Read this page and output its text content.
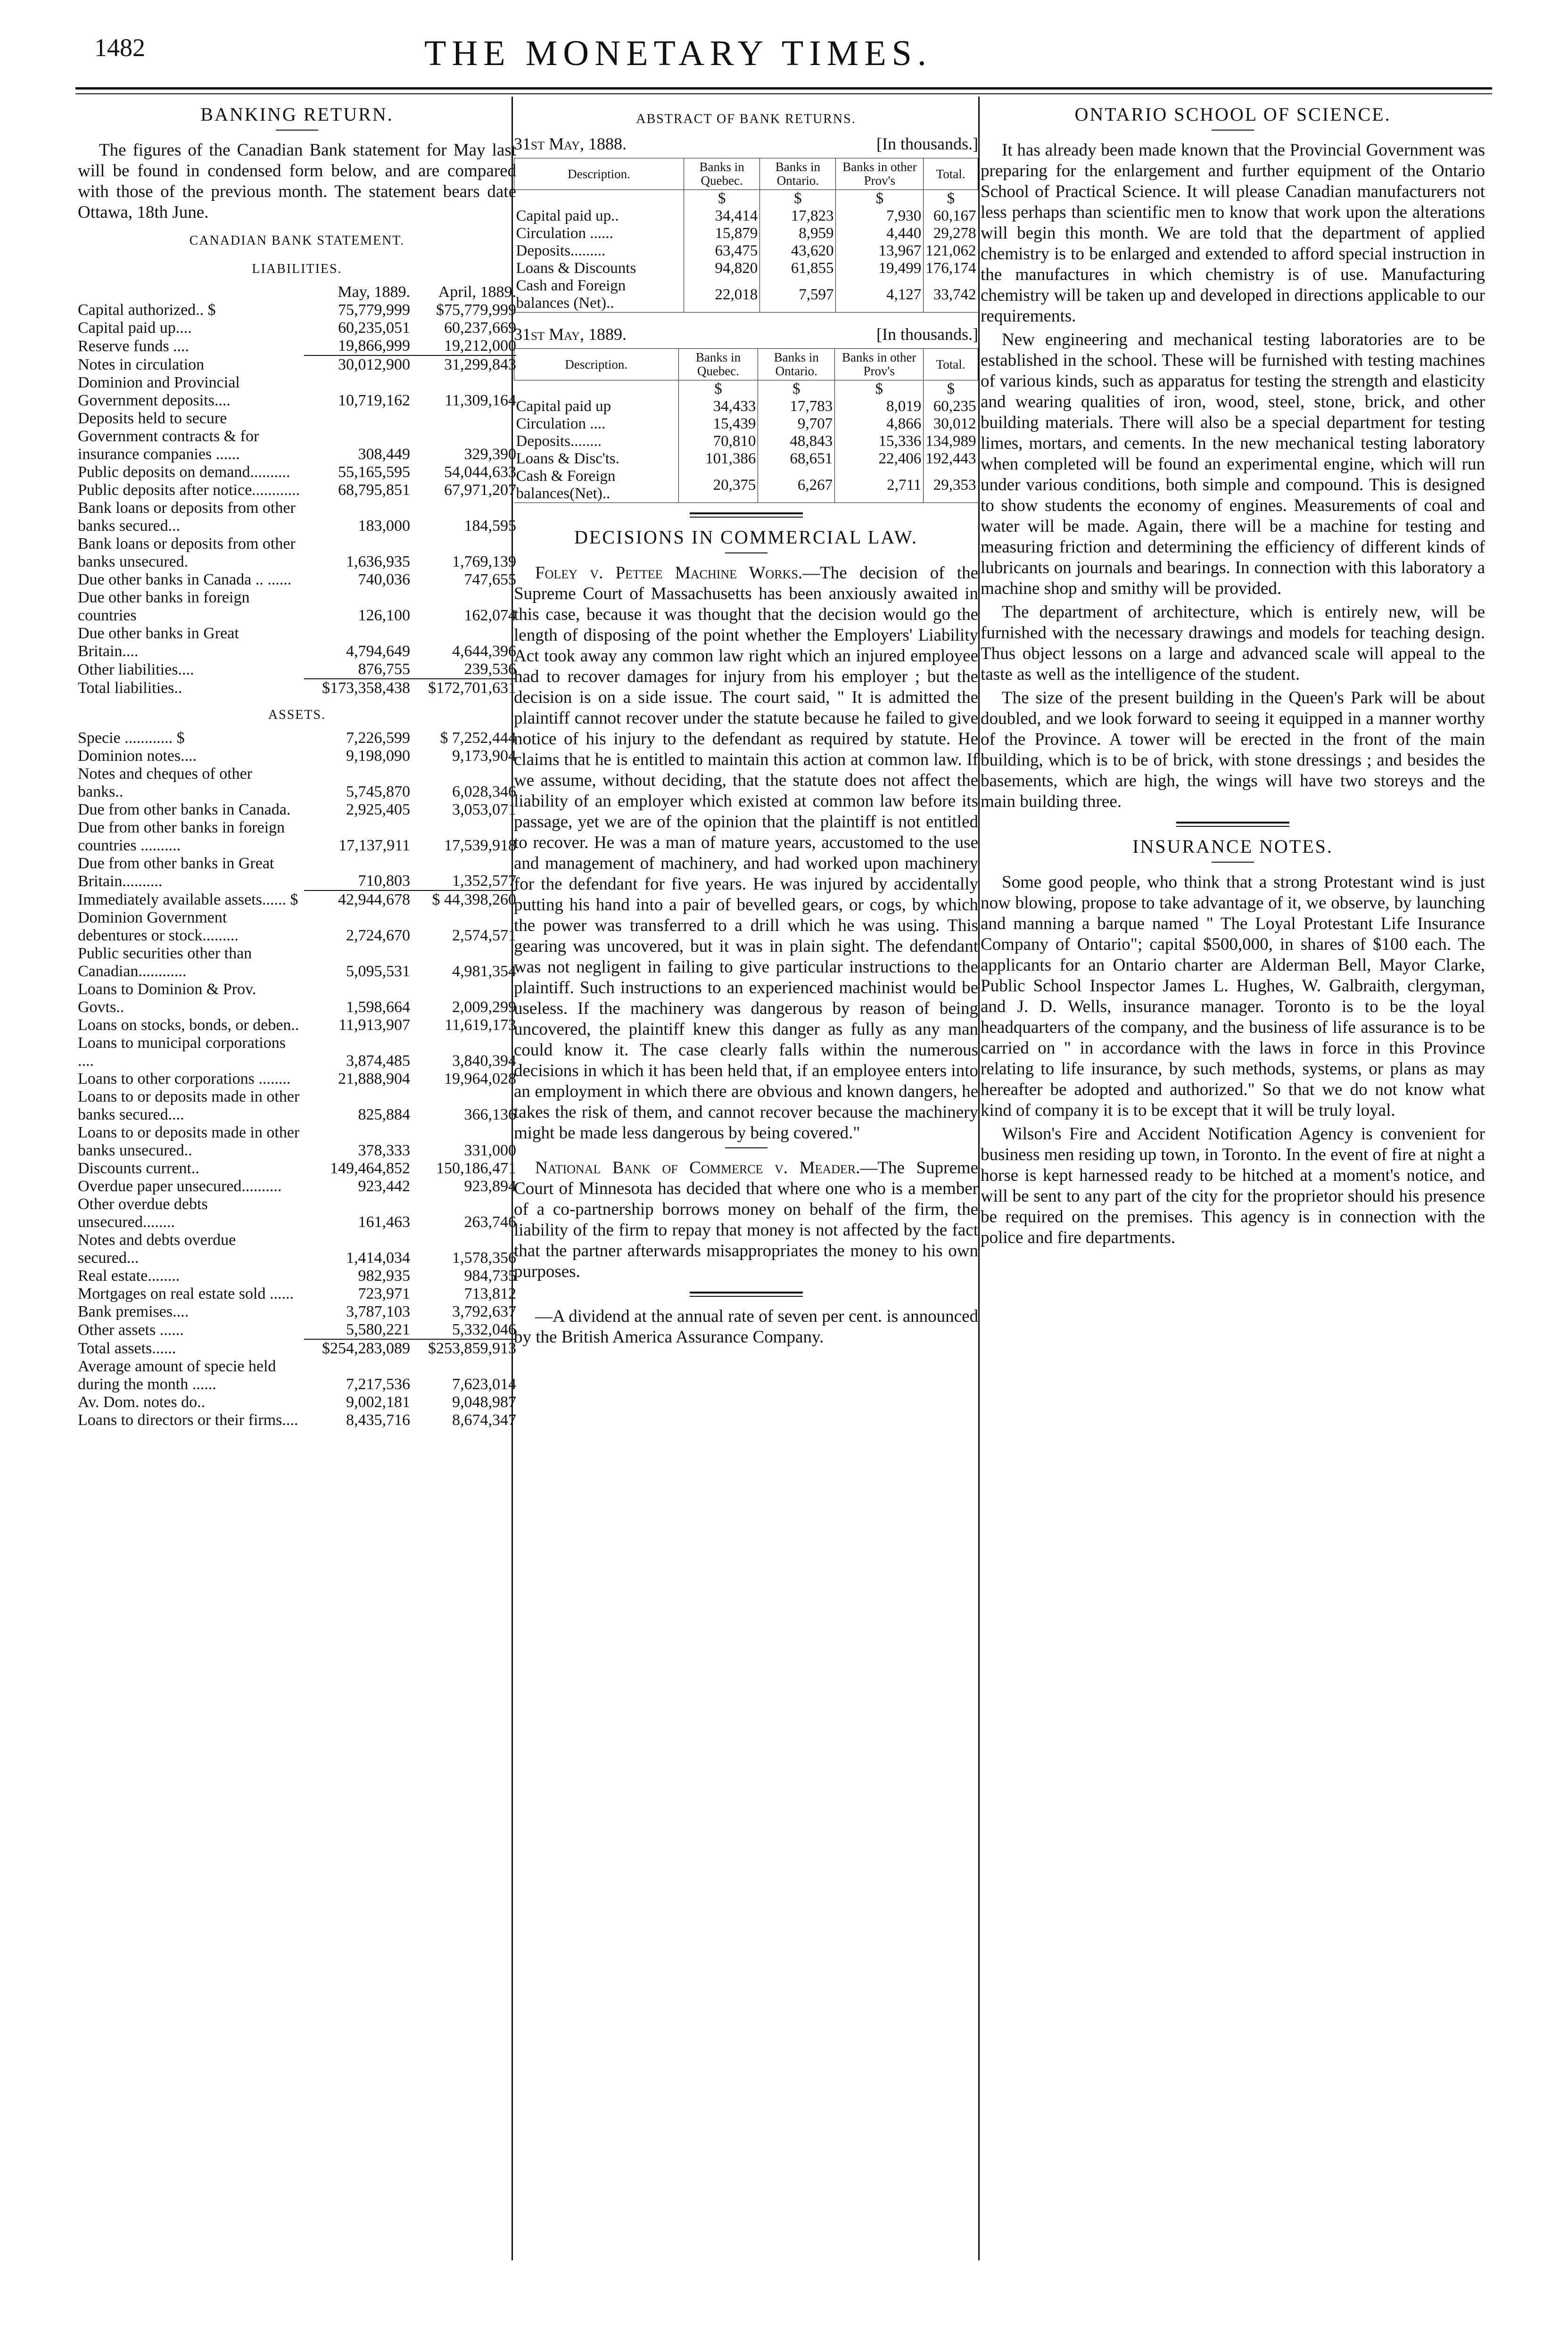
1482	THE MONETARY TIMES.
BANKING RETURN.

The figures of the Canadian Bank statement for May last will be found in condensed form below, and are compared with those of the previous month. The statement bears date Ottawa, 18th June.

CANADIAN BANK STATEMENT.
LIABILITIES.
	May, 1889.	April, 1889.
Capital authorized.. $	75,779,999	$75,779,999
Capital paid up....	60,235,051	60,237,669
Reserve funds ....	19,866,999	19,212,000
Notes in circulation	30,012,900	31,299,843
Dominion and Provincial Government deposits....	10,719,162	11,309,164
Deposits held to secure Government contracts & for insurance companies ......	308,449	329,390
Public deposits on demand..........	55,165,595	54,044,633
Public deposits after notice............	68,795,851	67,971,207
Bank loans or deposits from other banks secured...	183,000	184,595
Bank loans or deposits from other banks unsecured.	1,636,935	1,769,139
Due other banks in Canada .. ......	740,036	747,655
Due other banks in foreign countries	126,100	162,074
Due other banks in Great Britain....	4,794,649	4,644,396
Other liabilities....	876,755	239,536
Total liabilities..	$173,358,438	$172,701,631
ASSETS.
Specie ............ $	7,226,599	$ 7,252,444
Dominion notes....	9,198,090	9,173,904
Notes and cheques of other banks..	5,745,870	6,028,346
Due from other banks in Canada.	2,925,405	3,053,071
Due from other banks in foreign countries ..........	17,137,911	17,539,918
Due from other banks in Great Britain..........	710,803	1,352,577
Immediately available assets...... $	42,944,678	$ 44,398,260
Dominion Government debentures or stock.........	2,724,670	2,574,571
Public securities other than Canadian............	5,095,531	4,981,354
Loans to Dominion & Prov. Govts..	1,598,664	2,009,299
Loans on stocks, bonds, or deben..	11,913,907	11,619,173
Loans to municipal corporations ....	3,874,485	3,840,394
Loans to other corporations ........	21,888,904	19,964,028
Loans to or deposits made in other banks secured....	825,884	366,136
Loans to or deposits made in other banks unsecured..	378,333	331,000
Discounts current..	149,464,852	150,186,471
Overdue paper unsecured..........	923,442	923,894
Other overdue debts unsecured........	161,463	263,746
Notes and debts overdue secured...	1,414,034	1,578,356
Real estate........	982,935	984,735
Mortgages on real estate sold ......	723,971	713,812
Bank premises....	3,787,103	3,792,637
Other assets ......	5,580,221	5,332,046
Total assets......	$254,283,089	$253,859,913
Average amount of specie held during the month ......	7,217,536	7,623,014
Av. Dom. notes do..	9,002,181	9,048,987
Loans to directors or their firms....	8,435,716	8,674,347
ABSTRACT OF BANK RETURNS.
31st May, 1888.	[In thousands.]
Description.	Banks in Quebec.	Banks in Ontario.	Banks in other Prov's	Total.
	$	$	$	$
Capital paid up..	34,414	17,823	7,930	60,167
Circulation ......	15,879	8,959	4,440	29,278
Deposits.........	63,475	43,620	13,967	121,062
Loans & Discounts	94,820	61,855	19,499	176,174
Cash and Foreign balances (Net)..	22,018	7,597	4,127	33,742
31st May, 1889.	[In thousands.]
Description.	Banks in Quebec.	Banks in Ontario.	Banks in other Prov's	Total.
	$	$	$	$
Capital paid up	34,433	17,783	8,019	60,235
Circulation ....	15,439	9,707	4,866	30,012
Deposits........	70,810	48,843	15,336	134,989
Loans & Disc'ts.	101,386	68,651	22,406	192,443
Cash & Foreign balances(Net)..	20,375	6,267	2,711	29,353
DECISIONS IN COMMERCIAL LAW.

Foley v. Pettee Machine Works.—The decision of the Supreme Court of Massachusetts has been anxiously awaited in this case, because it was thought that the decision would go the length of disposing of the point whether the Employers' Liability Act took away any common law right which an injured employee had to recover damages for injury from his employer ; but the decision is on a side issue. The court said, " It is admitted the plaintiff cannot recover under the statute because he failed to give notice of his injury to the defendant as required by statute. He claims that he is entitled to maintain this action at common law. If we assume, without deciding, that the statute does not affect the liability of an employer which existed at common law before its passage, yet we are of the opinion that the plaintiff is not entitled to recover. He was a man of mature years, accustomed to the use and management of machinery, and had worked upon machinery for the defendant for five years. He was injured by accidentally putting his hand into a pair of bevelled gears, or cogs, by which the power was transferred to a drill which he was using. This gearing was uncovered, but it was in plain sight. The defendant was not negligent in failing to give particular instructions to the plaintiff. Such instructions to an experienced machinist would be useless. If the machinery was dangerous by reason of being uncovered, the plaintiff knew this danger as fully as any man could know it. The case clearly falls within the numerous decisions in which it has been held that, if an employee enters into an employment in which there are obvious and known dangers, he takes the risk of them, and cannot recover because the machinery might be made less dangerous by being covered."

National Bank of Commerce v. Meader.—The Supreme Court of Minnesota has decided that where one who is a member of a co-partnership borrows money on behalf of the firm, the liability of the firm to repay that money is not affected by the fact that the partner afterwards misappropriates the money to his own purposes.

—A dividend at the annual rate of seven per cent. is announced by the British America Assurance Company.

ONTARIO SCHOOL OF SCIENCE.

It has already been made known that the Provincial Government was preparing for the enlargement and further equipment of the Ontario School of Practical Science. It will please Canadian manufacturers not less perhaps than scientific men to know that work upon the alterations will begin this month. We are told that the department of applied chemistry is to be enlarged and extended to afford special instruction in the manufactures in which chemistry is of use. Manufacturing chemistry will be taken up and developed in directions applicable to our requirements.

New engineering and mechanical testing laboratories are to be established in the school. These will be furnished with testing machines of various kinds, such as apparatus for testing the strength and elasticity and wearing qualities of iron, wood, steel, stone, brick, and other building materials. There will also be a special department for testing limes, mortars, and cements. In the new mechanical testing laboratory when completed will be found an experimental engine, which will run under various conditions, both simple and compound. This is designed to show students the economy of engines. Measurements of coal and water will be made. Again, there will be a machine for testing and measuring friction and determining the efficiency of different kinds of lubricants on journals and bearings. In connection with this laboratory a machine shop and smithy will be provided.

The department of architecture, which is entirely new, will be furnished with the necessary drawings and models for teaching design. Thus object lessons on a large and advanced scale will appeal to the taste as well as the intelligence of the student.

The size of the present building in the Queen's Park will be about doubled, and we look forward to seeing it equipped in a manner worthy of the Province. A tower will be erected in the front of the main building, which is to be of brick, with stone dressings ; and besides the basements, which are high, the wings will have two storeys and the main building three.

INSURANCE NOTES.

Some good people, who think that a strong Protestant wind is just now blowing, propose to take advantage of it, we observe, by launching and manning a barque named " The Loyal Protestant Life Insurance Company of Ontario"; capital $500,000, in shares of $100 each. The applicants for an Ontario charter are Alderman Bell, Mayor Clarke, Public School Inspector James L. Hughes, W. Galbraith, clergyman, and J. D. Wells, insurance manager. Toronto is to be the loyal headquarters of the company, and the business of life assurance is to be carried on " in accordance with the laws in force in this Province relating to life insurance, by such methods, systems, or plans as may hereafter be adopted and authorized." So that we do not know what kind of company it is to be except that it will be truly loyal.

Wilson's Fire and Accident Notification Agency is convenient for business men residing up town, in Toronto. In the event of fire at night a horse is kept harnessed ready to be hitched at a moment's notice, and will be sent to any part of the city for the proprietor should his presence be required on the premises. This agency is in connection with the police and fire departments.
